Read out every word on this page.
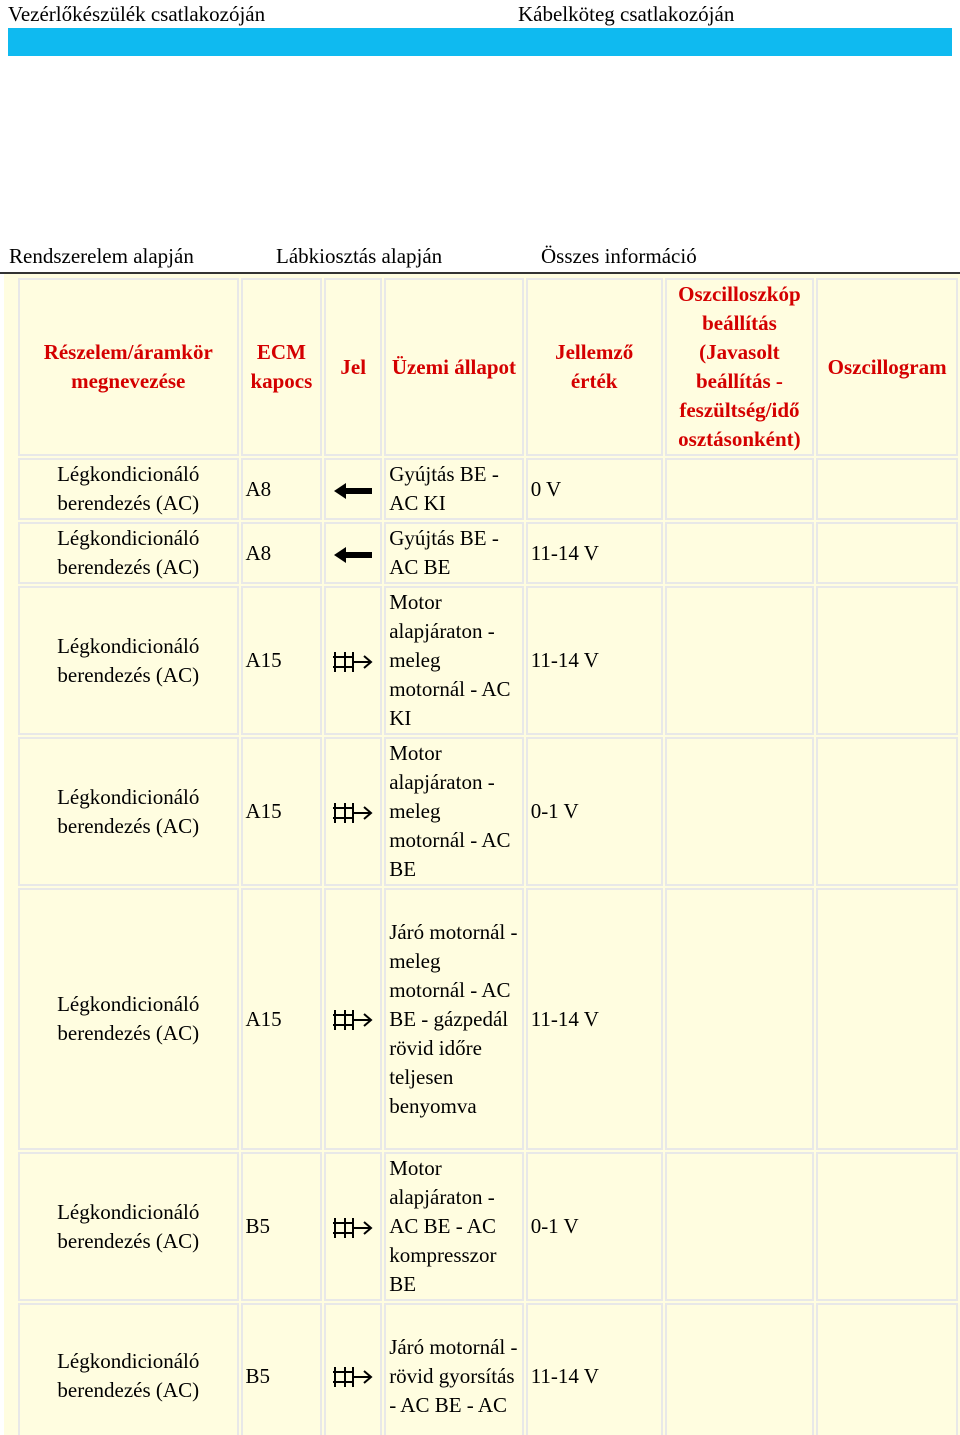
Vezérlőkészülék csatlakozóján	Kábelköteg csatlakozóján
Rendszerelem alapján	Lábkiosztás alapján	Összes információ
Részelem/áramkör megnevezése	ECM kapocs	Jel	Üzemi állapot	Jellemző érték	Oszcilloszkóp beállítás (Javasolt beállítás - feszültség/idő osztásonként)	Oszcillogram
Légkondicionáló berendezés (AC)	A8		Gyújtás BE - AC KI	0 V		
Légkondicionáló berendezés (AC)	A8		Gyújtás BE - AC BE	11-14 V		
Légkondicionáló berendezés (AC)	A15		Motor alapjáraton - meleg motornál - AC KI	11-14 V		
Légkondicionáló berendezés (AC)	A15		Motor alapjáraton - meleg motornál - AC BE	0-1 V		
Légkondicionáló berendezés (AC)	A15		Járó motornál - meleg motornál - AC BE - gázpedál rövid időre teljesen benyomva	11-14 V		
Légkondicionáló berendezés (AC)	B5		Motor alapjáraton - AC BE - AC kompresszor BE	0-1 V		
Légkondicionáló berendezés (AC)	B5		Járó motornál - rövid gyorsítás - AC BE - AC	11-14 V		
